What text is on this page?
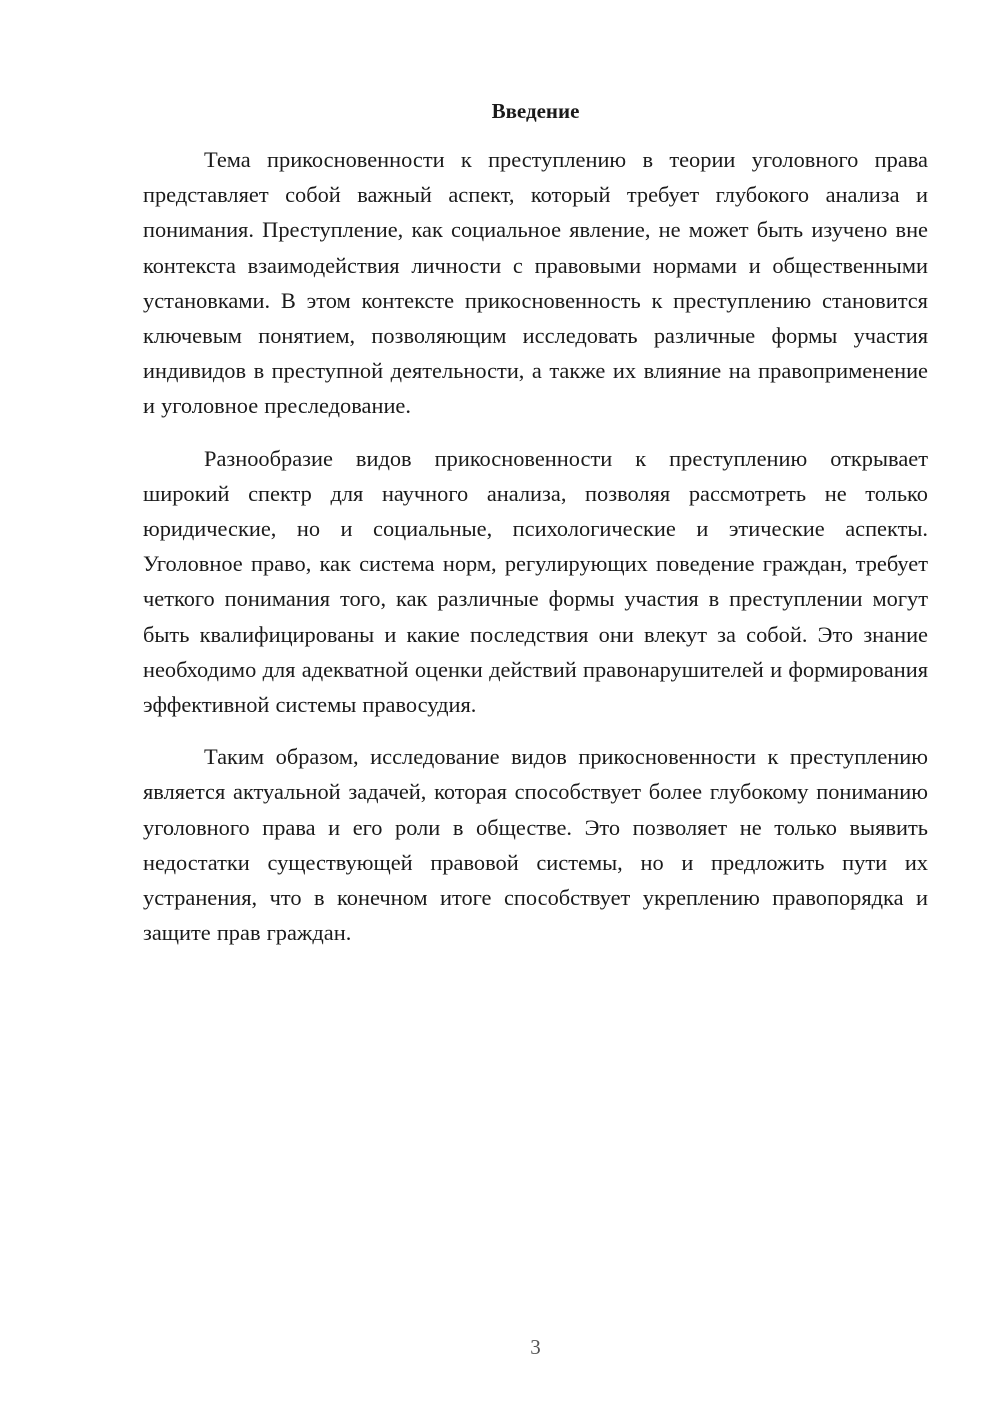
Введение

Тема прикосновенности к преступлению в теории уголовного права представляет собой важный аспект, который требует глубокого анализа и понимания. Преступление, как социальное явление, не может быть изучено вне контекста взаимодействия личности с правовыми нормами и общественными установками. В этом контексте прикосновенность к преступлению становится ключевым понятием, позволяющим исследовать различные формы участия индивидов в преступной деятельности, а также их влияние на правоприменение и уголовное преследование.

Разнообразие видов прикосновенности к преступлению открывает широкий спектр для научного анализа, позволяя рассмотреть не только юридические, но и социальные, психологические и этические аспекты. Уголовное право, как система норм, регулирующих поведение граждан, требует четкого понимания того, как различные формы участия в преступлении могут быть квалифицированы и какие последствия они влекут за собой. Это знание необходимо для адекватной оценки действий правонарушителей и формирования эффективной системы правосудия.

Таким образом, исследование видов прикосновенности к преступлению является актуальной задачей, которая способствует более глубокому пониманию уголовного права и его роли в обществе. Это позволяет не только выявить недостатки существующей правовой системы, но и предложить пути их устранения, что в конечном итоге способствует укреплению правопорядка и защите прав граждан.

3
